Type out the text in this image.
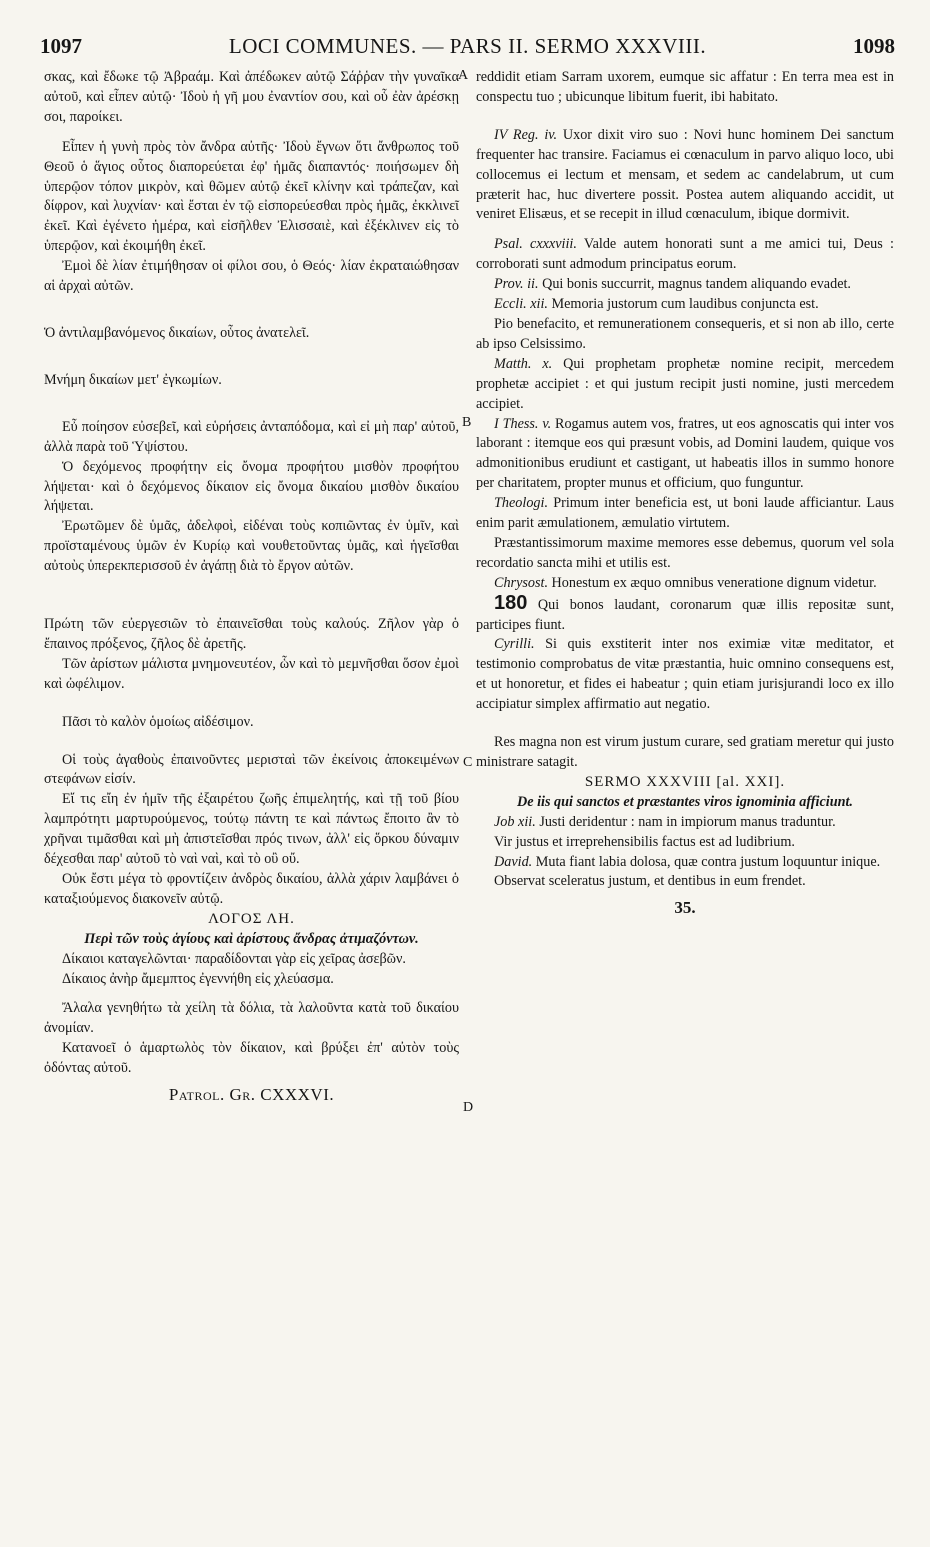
1097	LOCI COMMUNES. — PARS II. SERMO XXXVIII.	1098
A
B
C
D

σκας, καὶ ἔδωκε τῷ Ἀβραάμ. Καὶ ἀπέδωκεν αὐτῷ Σάῤῥαν τὴν γυναῖκα αὐτοῦ, καὶ εἶπεν αὐτῷ· Ἰδοὺ ἡ γῆ μου ἐναντίον σου, καὶ οὗ ἐὰν ἀρέσκῃ σοι, παροίκει.

Εἶπεν ἡ γυνὴ πρὸς τὸν ἄνδρα αὐτῆς· Ἰδοὺ ἔγνων ὅτι ἄνθρωπος τοῦ Θεοῦ ὁ ἅγιος οὗτος διαπορεύεται ἐφ' ἡμᾶς διαπαντός· ποιήσωμεν δὴ ὑπερῷον τόπον μικρὸν, καὶ θῶμεν αὐτῷ ἐκεῖ κλίνην καὶ τράπεζαν, καὶ δίφρον, καὶ λυχνίαν· καὶ ἔσται ἐν τῷ εἰσπορεύεσθαι πρὸς ἡμᾶς, ἐκκλινεῖ ἐκεῖ. Καὶ ἐγένετο ἡμέρα, καὶ εἰσῆλθεν Ἐλισσαιὲ, καὶ ἐξέκλινεν εἰς τὸ ὑπερῷον, καὶ ἐκοιμήθη ἐκεῖ.

Ἐμοὶ δὲ λίαν ἐτιμήθησαν οἱ φίλοι σου, ὁ Θεός· λίαν ἐκραταιώθησαν αἱ ἀρχαὶ αὐτῶν.

Ὁ ἀντιλαμβανόμενος δικαίων, οὗτος ἀνατελεῖ.

Μνήμη δικαίων μετ' ἐγκωμίων.

Εὖ ποίησον εὐσεβεῖ, καὶ εὑρήσεις ἀνταπόδομα, καὶ εἰ μὴ παρ' αὐτοῦ, ἀλλὰ παρὰ τοῦ Ὑψίστου.

Ὁ δεχόμενος προφήτην εἰς ὄνομα προφήτου μισθὸν προφήτου λήψεται· καὶ ὁ δεχόμενος δίκαιον εἰς ὄνομα δικαίου μισθὸν δικαίου λήψεται.

Ἐρωτῶμεν δὲ ὑμᾶς, ἀδελφοὶ, εἰδέναι τοὺς κοπιῶντας ἐν ὑμῖν, καὶ προϊσταμένους ὑμῶν ἐν Κυρίῳ καὶ νουθετοῦντας ὑμᾶς, καὶ ἡγεῖσθαι αὐτοὺς ὑπερεκπερισσοῦ ἐν ἀγάπῃ διὰ τὸ ἔργον αὐτῶν.

Πρώτη τῶν εὐεργεσιῶν τὸ ἐπαινεῖσθαι τοὺς καλούς. Ζῆλον γὰρ ὁ ἔπαινος πρόξενος, ζῆλος δὲ ἀρετῆς.

Τῶν ἀρίστων μάλιστα μνημονευτέον, ὧν καὶ τὸ μεμνῆσθαι ὅσον ἐμοὶ καὶ ὠφέλιμον.

Πᾶσι τὸ καλὸν ὁμοίως αἰδέσιμον.

Οἱ τοὺς ἀγαθοὺς ἐπαινοῦντες μερισταὶ τῶν ἐκείνοις ἀποκειμένων στεφάνων εἰσίν.

Εἴ τις εἴη ἐν ἡμῖν τῆς ἐξαιρέτου ζωῆς ἐπιμελητής, καὶ τῇ τοῦ βίου λαμπρότητι μαρτυρούμενος, τούτῳ πάντη τε καὶ πάντως ἔποιτο ἂν τὸ χρῆναι τιμᾶσθαι καὶ μὴ ἀπιστεῖσθαι πρός τινων, ἀλλ' εἰς ὅρκου δύναμιν δέχεσθαι παρ' αὐτοῦ τὸ ναὶ ναὶ, καὶ τὸ οὒ οὔ.

Οὐκ ἔστι μέγα τὸ φροντίζειν ἀνδρὸς δικαίου, ἀλλὰ χάριν λαμβάνει ὁ καταξιούμενος διακονεῖν αὐτῷ.

ΛΟΓΟΣ ΛΗ.

Περὶ τῶν τοὺς ἁγίους καὶ ἀρίστους ἄνδρας ἀτιμαζόντων.

Δίκαιοι καταγελῶνται· παραδίδονται γὰρ εἰς χεῖρας ἀσεβῶν.

Δίκαιος ἀνὴρ ἄμεμπτος ἐγεννήθη εἰς χλεύασμα.

Ἄλαλα γενηθήτω τὰ χείλη τὰ δόλια, τὰ λαλοῦντα κατὰ τοῦ δικαίου ἀνομίαν.

Κατανοεῖ ὁ ἁμαρτωλὸς τὸν δίκαιον, καὶ βρύξει ἐπ' αὐτὸν τοὺς ὀδόντας αὐτοῦ.

Patrol. Gr. CXXXVI.

reddidit etiam Sarram uxorem, eumque sic affatur : En terra mea est in conspectu tuo ; ubicunque libitum fuerit, ibi habitato.

IV Reg. iv. Uxor dixit viro suo : Novi hunc hominem Dei sanctum frequenter hac transire. Faciamus ei cœnaculum in parvo aliquo loco, ubi collocemus ei lectum et mensam, et sedem ac candelabrum, ut cum præterit hac, huc divertere possit. Postea autem aliquando accidit, ut veniret Elisæus, et se recepit in illud cœnaculum, ibique dormivit.

Psal. cxxxviii. Valde autem honorati sunt a me amici tui, Deus : corroborati sunt admodum principatus eorum.

Prov. ii. Qui bonis succurrit, magnus tandem aliquando evadet.

Eccli. xii. Memoria justorum cum laudibus conjuncta est.

Pio benefacito, et remunerationem consequeris, et si non ab illo, certe ab ipso Celsissimo.

Matth. x. Qui prophetam prophetæ nomine recipit, mercedem prophetæ accipiet : et qui justum recipit justi nomine, justi mercedem accipiet.

I Thess. v. Rogamus autem vos, fratres, ut eos agnoscatis qui inter vos laborant : itemque eos qui præsunt vobis, ad Domini laudem, quique vos admonitionibus erudiunt et castigant, ut habeatis illos in summo honore per charitatem, propter munus et officium, quo funguntur.

Theologi. Primum inter beneficia est, ut boni laude afficiantur. Laus enim parit æmulationem, æmulatio virtutem.

Præstantissimorum maxime memores esse debemus, quorum vel sola recordatio sancta mihi et utilis est.

Chrysost. Honestum ex æquo omnibus veneratione dignum videtur.

180 Qui bonos laudant, coronarum quæ illis repositæ sunt, participes fiunt.

Cyrilli. Si quis exstiterit inter nos eximiæ vitæ meditator, et testimonio comprobatus de vitæ præstantia, huic omnino consequens est, et ut honoretur, et fides ei habeatur ; quin etiam jurisjurandi loco ex illo accipiatur simplex affirmatio aut negatio.

Res magna non est virum justum curare, sed gratiam meretur qui justo ministrare satagit.

SERMO XXXVIII [al. XXI].

De iis qui sanctos et præstantes viros ignominia afficiunt.

Job xii. Justi deridentur : nam in impiorum manus traduntur.

Vir justus et irreprehensibilis factus est ad ludibrium.

David. Muta fiant labia dolosa, quæ contra justum loquuntur inique.

Observat sceleratus justum, et dentibus in eum frendet.

35.
